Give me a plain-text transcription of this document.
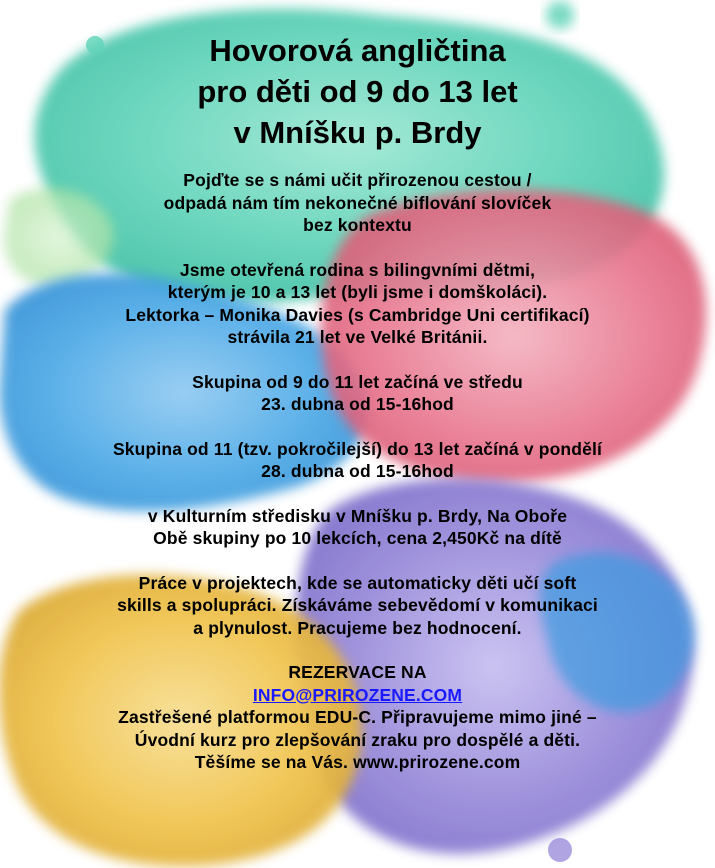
Hovorová angličtina
pro děti od 9 do 13 let
v Mníšku p. Brdy

Pojďte se s námi učit přirozenou cestou /
odpadá nám tím nekonečné biflování slovíček
bez kontextu

Jsme otevřená rodina s bilingvními dětmi,
kterým je 10 a 13 let (byli jsme i domškoláci).
Lektorka – Monika Davies (s Cambridge Uni certifikací)
strávila 21 let ve Velké Británii.

Skupina od 9 do 11 let začíná ve středu
23. dubna od 15-16hod

Skupina od 11 (tzv. pokročilejší) do 13 let začíná v pondělí
28. dubna od 15-16hod

v Kulturním středisku v Mníšku p. Brdy, Na Oboře
Obě skupiny po 10 lekcích, cena 2,450Kč na dítě

Práce v projektech, kde se automaticky děti učí soft
skills a spolupráci. Získáváme sebevědomí v komunikaci
a plynulost. Pracujeme bez hodnocení.

REZERVACE NA
INFO@PRIROZENE.COM
Zastřešené platformou EDU-C. Připravujeme mimo jiné –
Úvodní kurz pro zlepšování zraku pro dospělé a děti.
Těšíme se na Vás. www.prirozene.com
